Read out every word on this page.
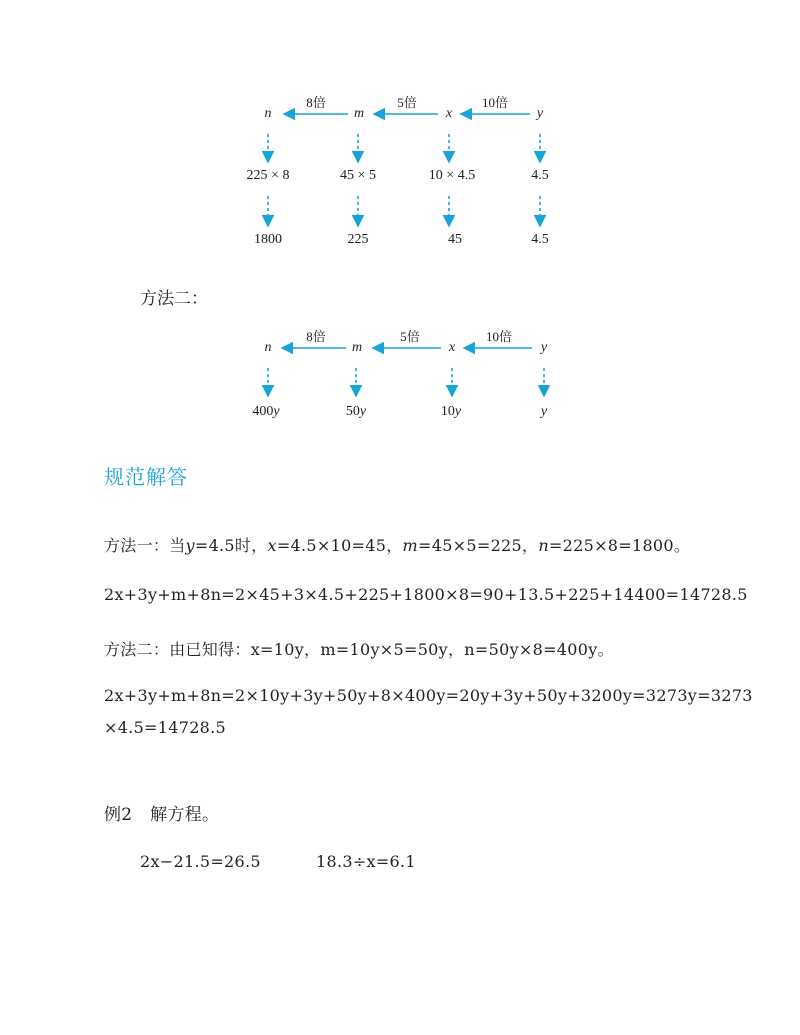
8倍	5倍	10倍
n	m	x	y
225 × 8	45 × 5	10 × 4.5	4.5
1800	225	45	4.5
方法二：
8倍	5倍	10倍
n	m	x	y
400y	50y	10y	y
规范解答
方法一：当y=4.5时，x=4.5×10=45，m=45×5=225，n=225×8=1800。
2x+3y+m+8n=2×45+3×4.5+225+1800×8=90+13.5+225+14400=14728.5
方法二：由已知得：x=10y，m=10y×5=50y，n=50y×8=400y。
2x+3y+m+8n=2×10y+3y+50y+8×400y=20y+3y+50y+3200y=3273y=3273
×4.5=14728.5
例2 解方程。
2x−21.5=26.5	18.3÷x=6.1
